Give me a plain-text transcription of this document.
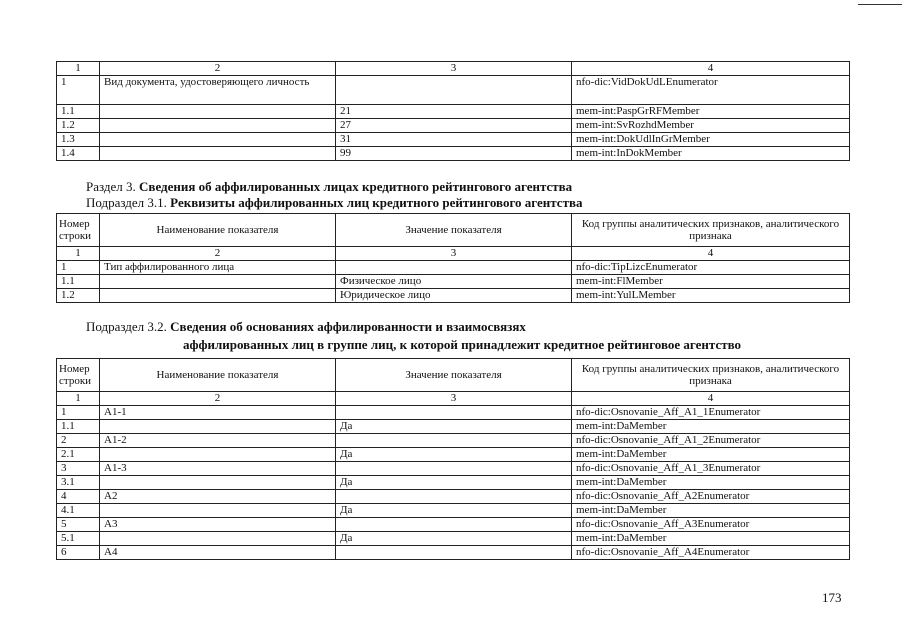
1	2	3	4
1	Вид документа, удостоверяющего личность		nfo-dic:VidDokUdLEnumerator
1.1		21	mem-int:PaspGrRFMember
1.2		27	mem-int:SvRozhdMember
1.3		31	mem-int:DokUdlInGrMember
1.4		99	mem-int:InDokMember
Раздел 3. Сведения об аффилированных лицах кредитного рейтингового агентства
Подраздел 3.1. Реквизиты аффилированных лиц кредитного рейтингового агентства
Номер строки	Наименование показателя	Значение показателя	Код группы аналитических признаков, аналитического признака
1	2	3	4
1	Тип аффилированного лица		nfo-dic:TipLizcEnumerator
1.1		Физическое лицо	mem-int:FlMember
1.2		Юридическое лицо	mem-int:YulLMember
Подраздел 3.2. Сведения об основаниях аффилированности и взаимосвязях
аффилированных лиц в группе лиц, к которой принадлежит кредитное рейтинговое агентство
Номер строки	Наименование показателя	Значение показателя	Код группы аналитических признаков, аналитического признака
1	2	3	4
1	А1-1		nfo-dic:Osnovanie_Aff_A1_1Enumerator
1.1		Да	mem-int:DaMember
2	А1-2		nfo-dic:Osnovanie_Aff_A1_2Enumerator
2.1		Да	mem-int:DaMember
3	А1-3		nfo-dic:Osnovanie_Aff_A1_3Enumerator
3.1		Да	mem-int:DaMember
4	А2		nfo-dic:Osnovanie_Aff_A2Enumerator
4.1		Да	mem-int:DaMember
5	А3		nfo-dic:Osnovanie_Aff_A3Enumerator
5.1		Да	mem-int:DaMember
6	А4		nfo-dic:Osnovanie_Aff_A4Enumerator
173
